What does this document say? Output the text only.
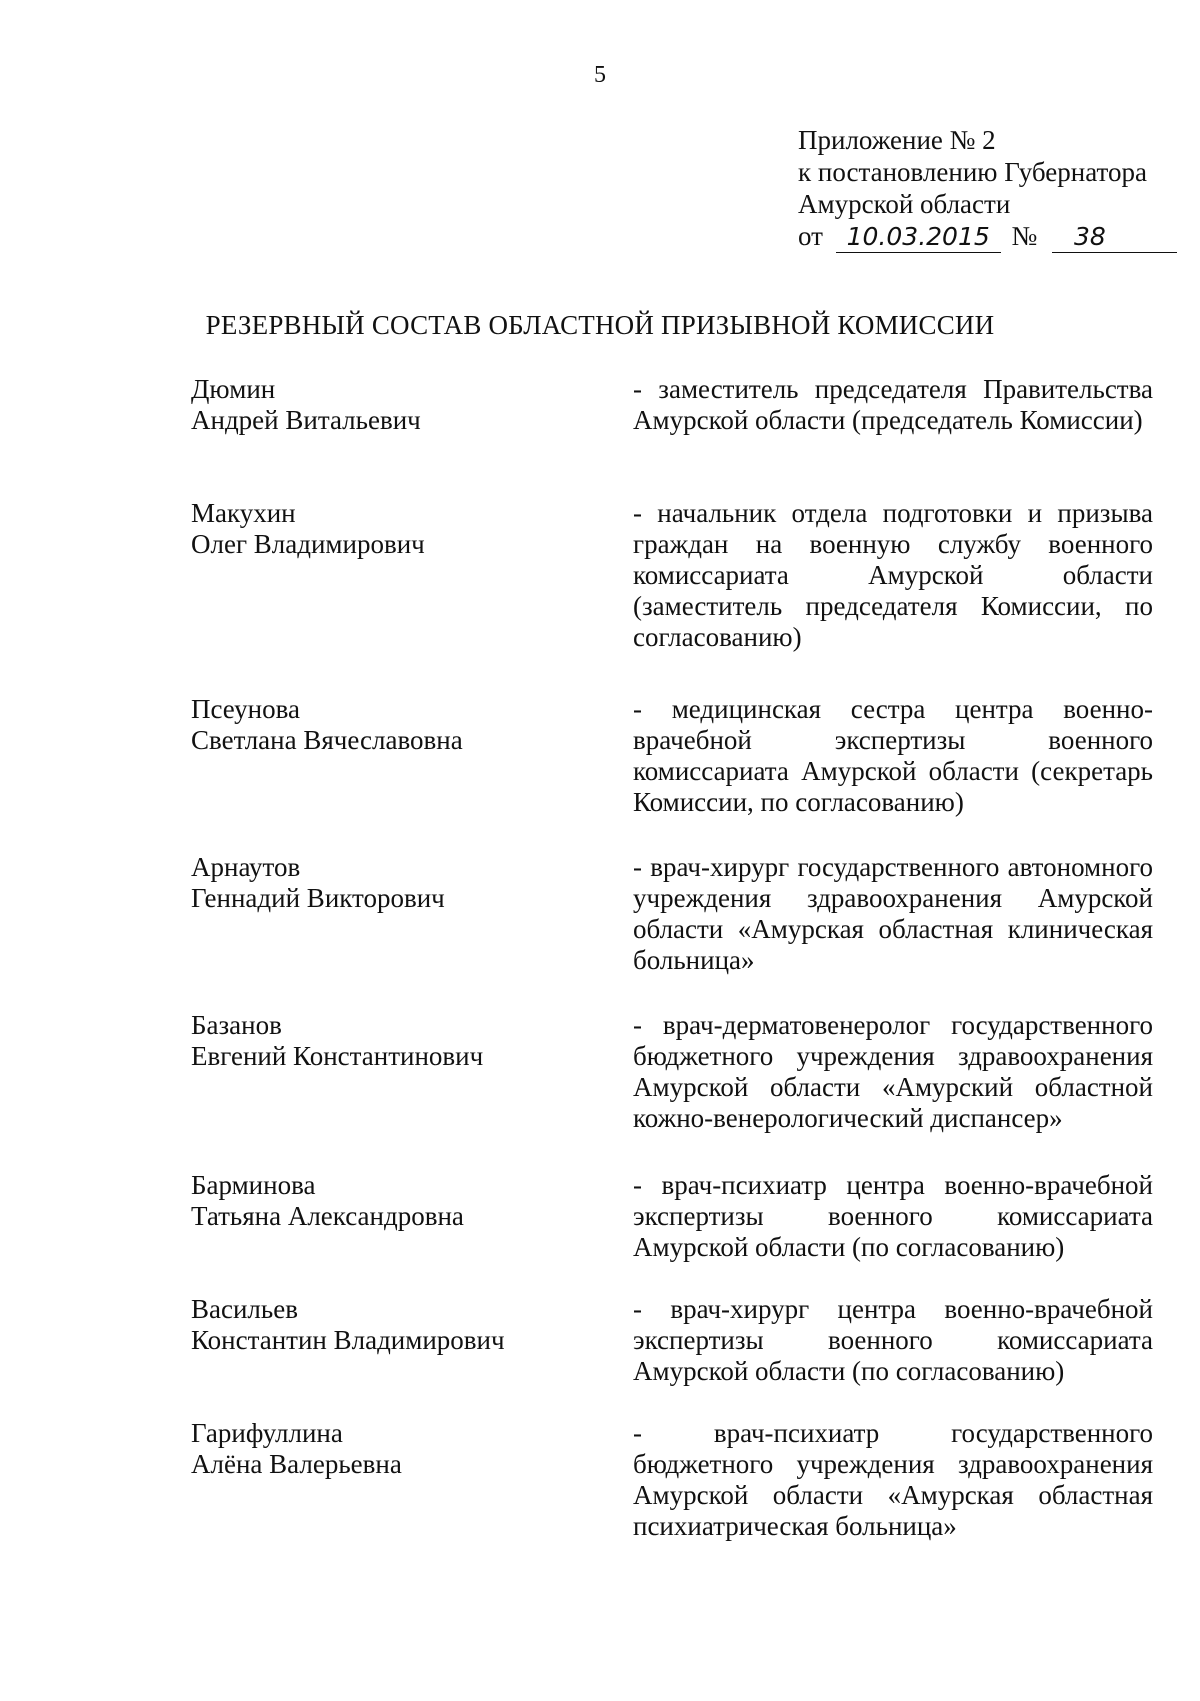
5
Приложение № 2
к постановлению Губернатора
Амурской области
от 10.03.2015 № 38
РЕЗЕРВНЫЙ СОСТАВ ОБЛАСТНОЙ ПРИЗЫВНОЙ КОМИССИИ
Дюмин
Андрей Витальевич
- заместитель председателя Правительства Амурской области (председатель Комиссии)
Макухин
Олег Владимирович
- начальник отдела подготовки и призыва граждан на военную службу военного комиссариата Амурской области (заместитель председателя Комиссии, по согласованию)
Псеунова
Светлана Вячеславовна
- медицинская сестра центра военно-врачебной экспертизы военного комиссариата Амурской области (секретарь Комиссии, по согласованию)
Арнаутов
Геннадий Викторович
- врач-хирург государственного автономного учреждения здравоохранения Амурской области «Амурская областная клиническая больница»
Базанов
Евгений Константинович
- врач-дерматовенеролог государственного бюджетного учреждения здравоохранения Амурской области «Амурский областной кожно-венерологический диспансер»
Барминова
Татьяна Александровна
- врач-психиатр центра военно-врачебной экспертизы военного комиссариата Амурской области (по согласованию)
Васильев
Константин Владимирович
- врач-хирург центра военно-врачебной экспертизы военного комиссариата Амурской области (по согласованию)
Гарифуллина
Алёна Валерьевна
- врач-психиатр государственного бюджетного учреждения здравоохранения Амурской области «Амурская областная психиатрическая больница»
